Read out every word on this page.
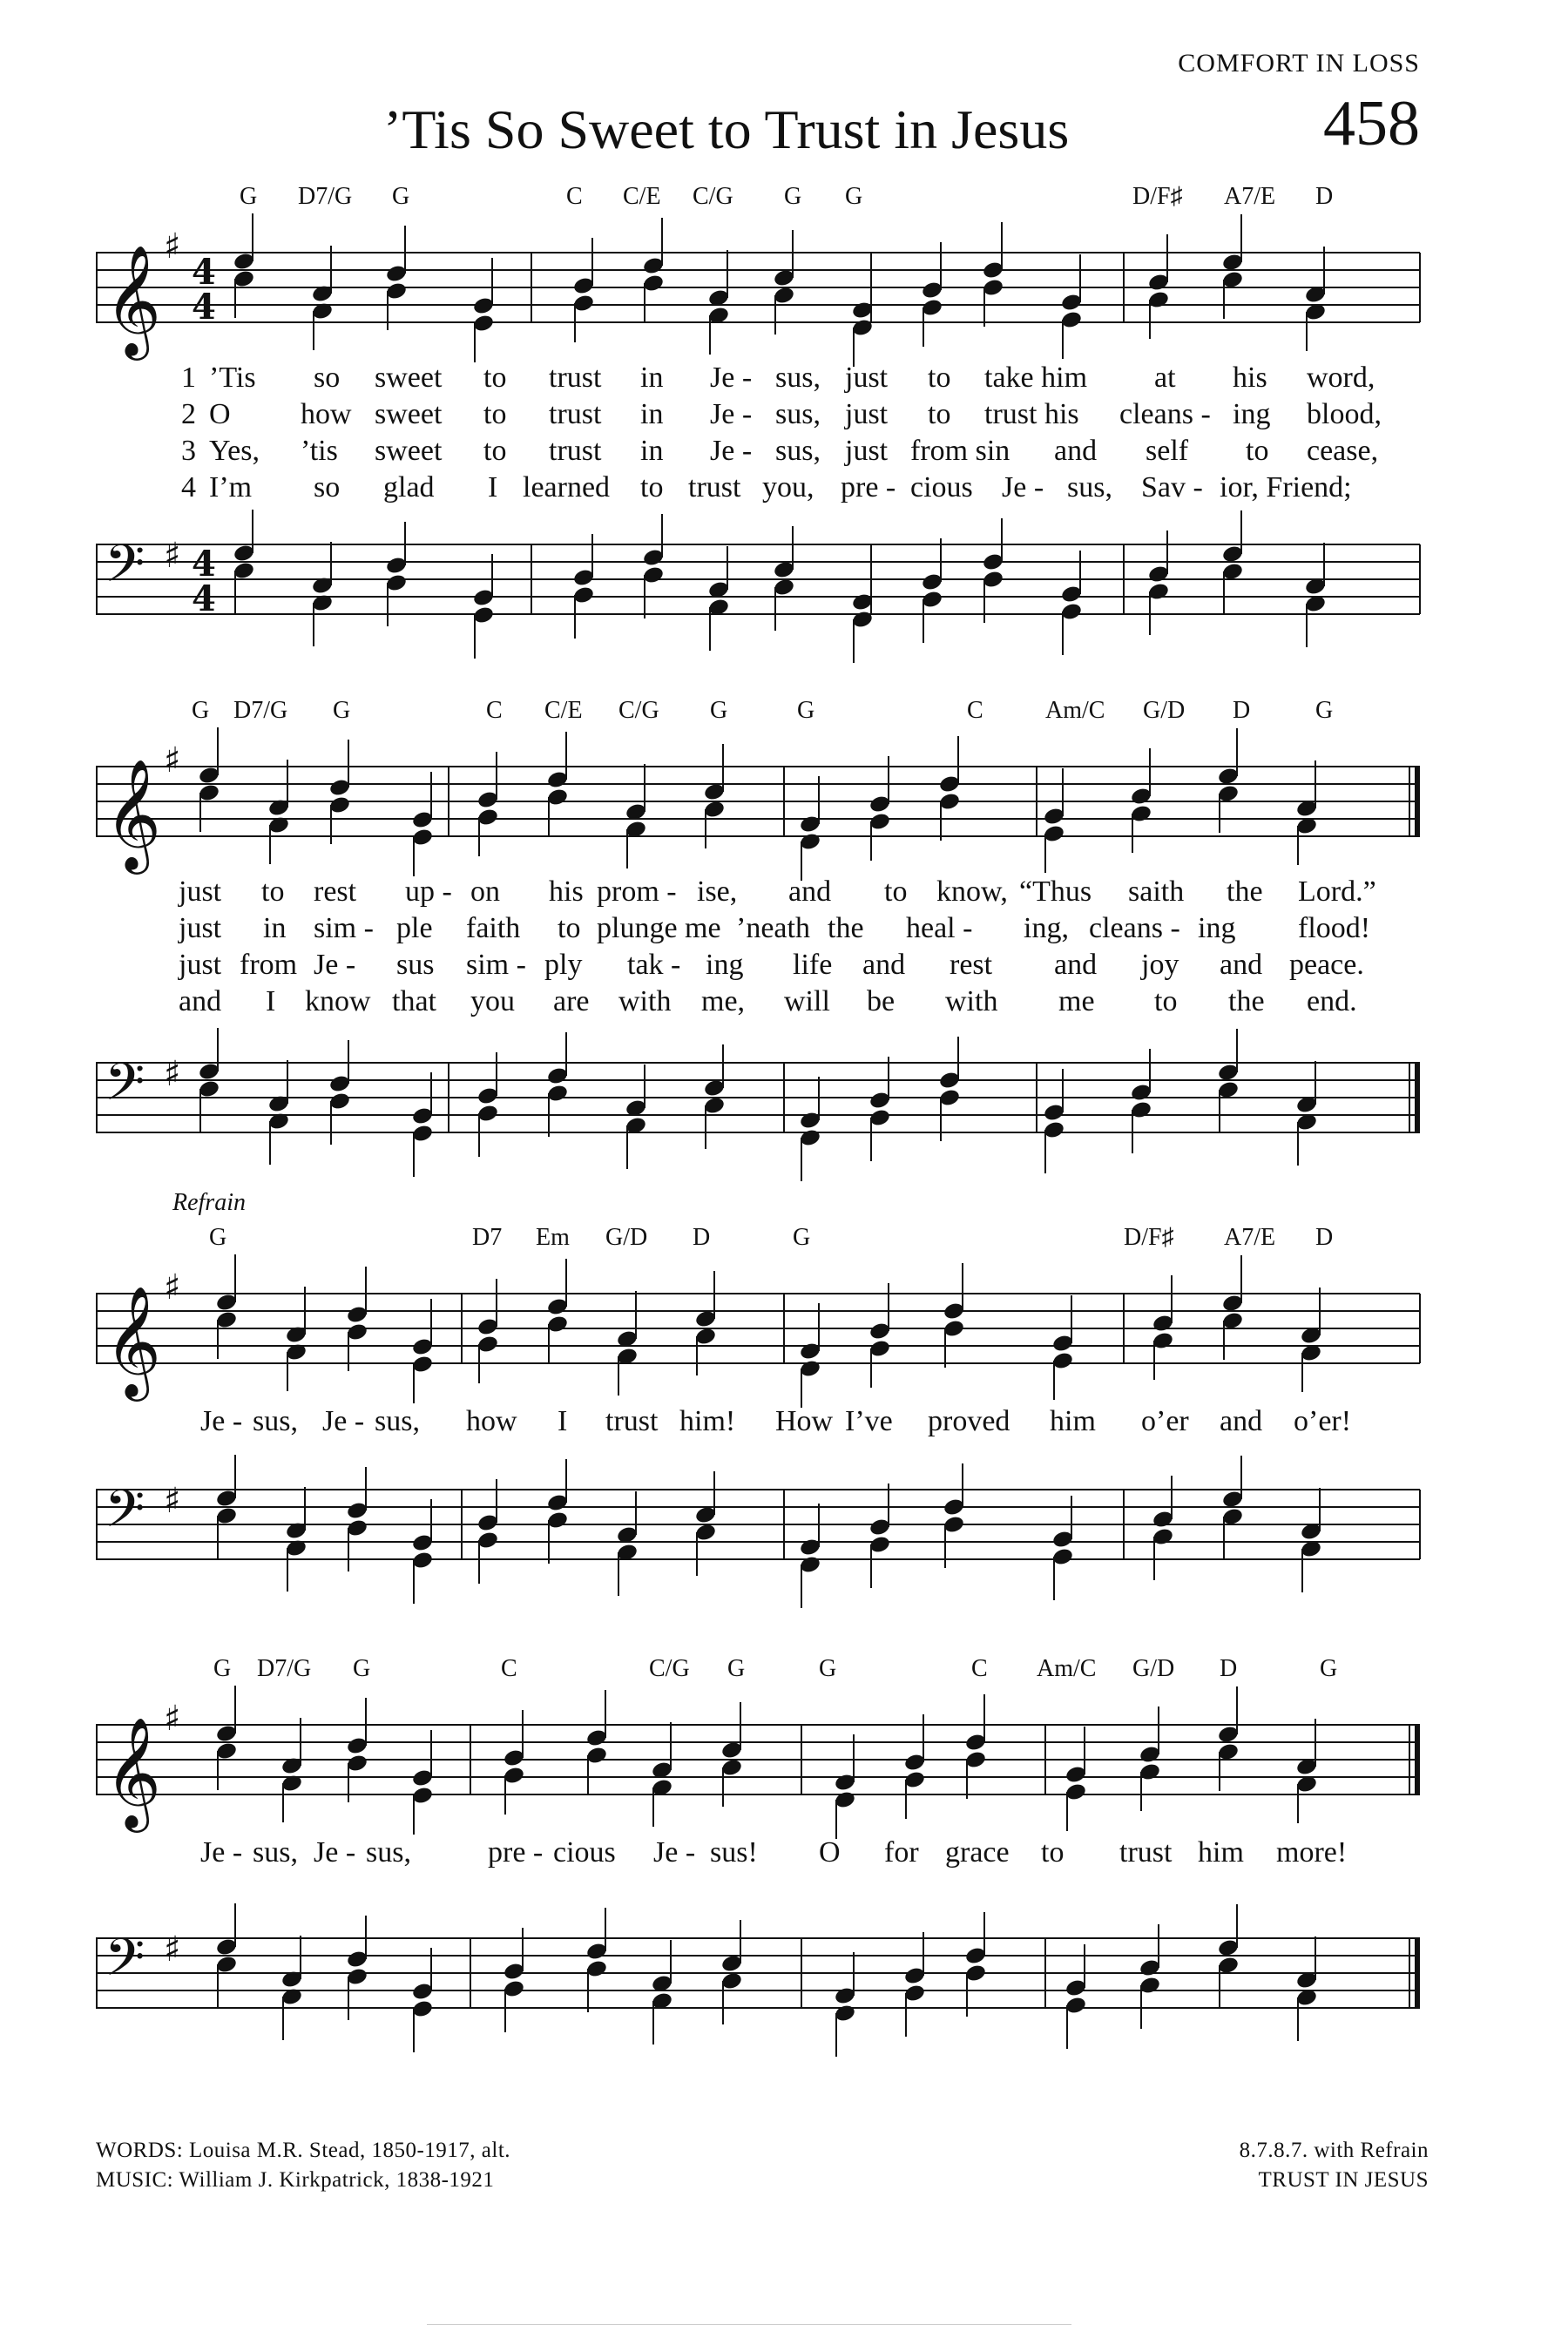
COMFORT IN LOSS
’Tis So Sweet to Trust in Jesus	458
G D7/G G	C C/E C/G G G	D/F♯ A7/E D
𝄞 ♯
4
4
1 ’Tis so sweet to trust in Je - sus, just to take him at his word,
2 O how sweet to trust in Je - sus, just to trust his cleans - ing blood,
3 Yes, ’tis sweet to trust in Je - sus, just from sin and self to cease,
4 I’m so glad I learned to trust you, pre - cious Je - sus, Sav - ior, Friend;
𝄢 ♯ 4
4
G D7/G G	C C/E C/G G	G	C	Am/C G/D D	G
𝄞 ♯
just to rest up - on his prom - ise, and to know, “Thus saith the Lord.”
just in sim - ple faith to plunge me ’neath the heal - ing, cleans - ing flood!
just from Je - sus sim - ply tak - ing life and rest and joy and peace.
and I know that you are with me, will be with me to the end.
𝄢 ♯
Refrain
G	D7 Em G/D D	G	D/F♯ A7/E D
𝄞 ♯
Je - sus, Je - sus, how I trust him! How I’ve proved him o’er and o’er!
𝄢 ♯
G D7/G G	C	C/G G	G	C Am/C G/D D	G
𝄞 ♯
Je - sus, Je - sus,	pre - cious Je - sus! O for grace to trust him more!
𝄢 ♯
WORDS: Louisa M.R. Stead, 1850-1917, alt.
MUSIC: William J. Kirkpatrick, 1838-1921
8.7.8.7. with Refrain
TRUST IN JESUS
